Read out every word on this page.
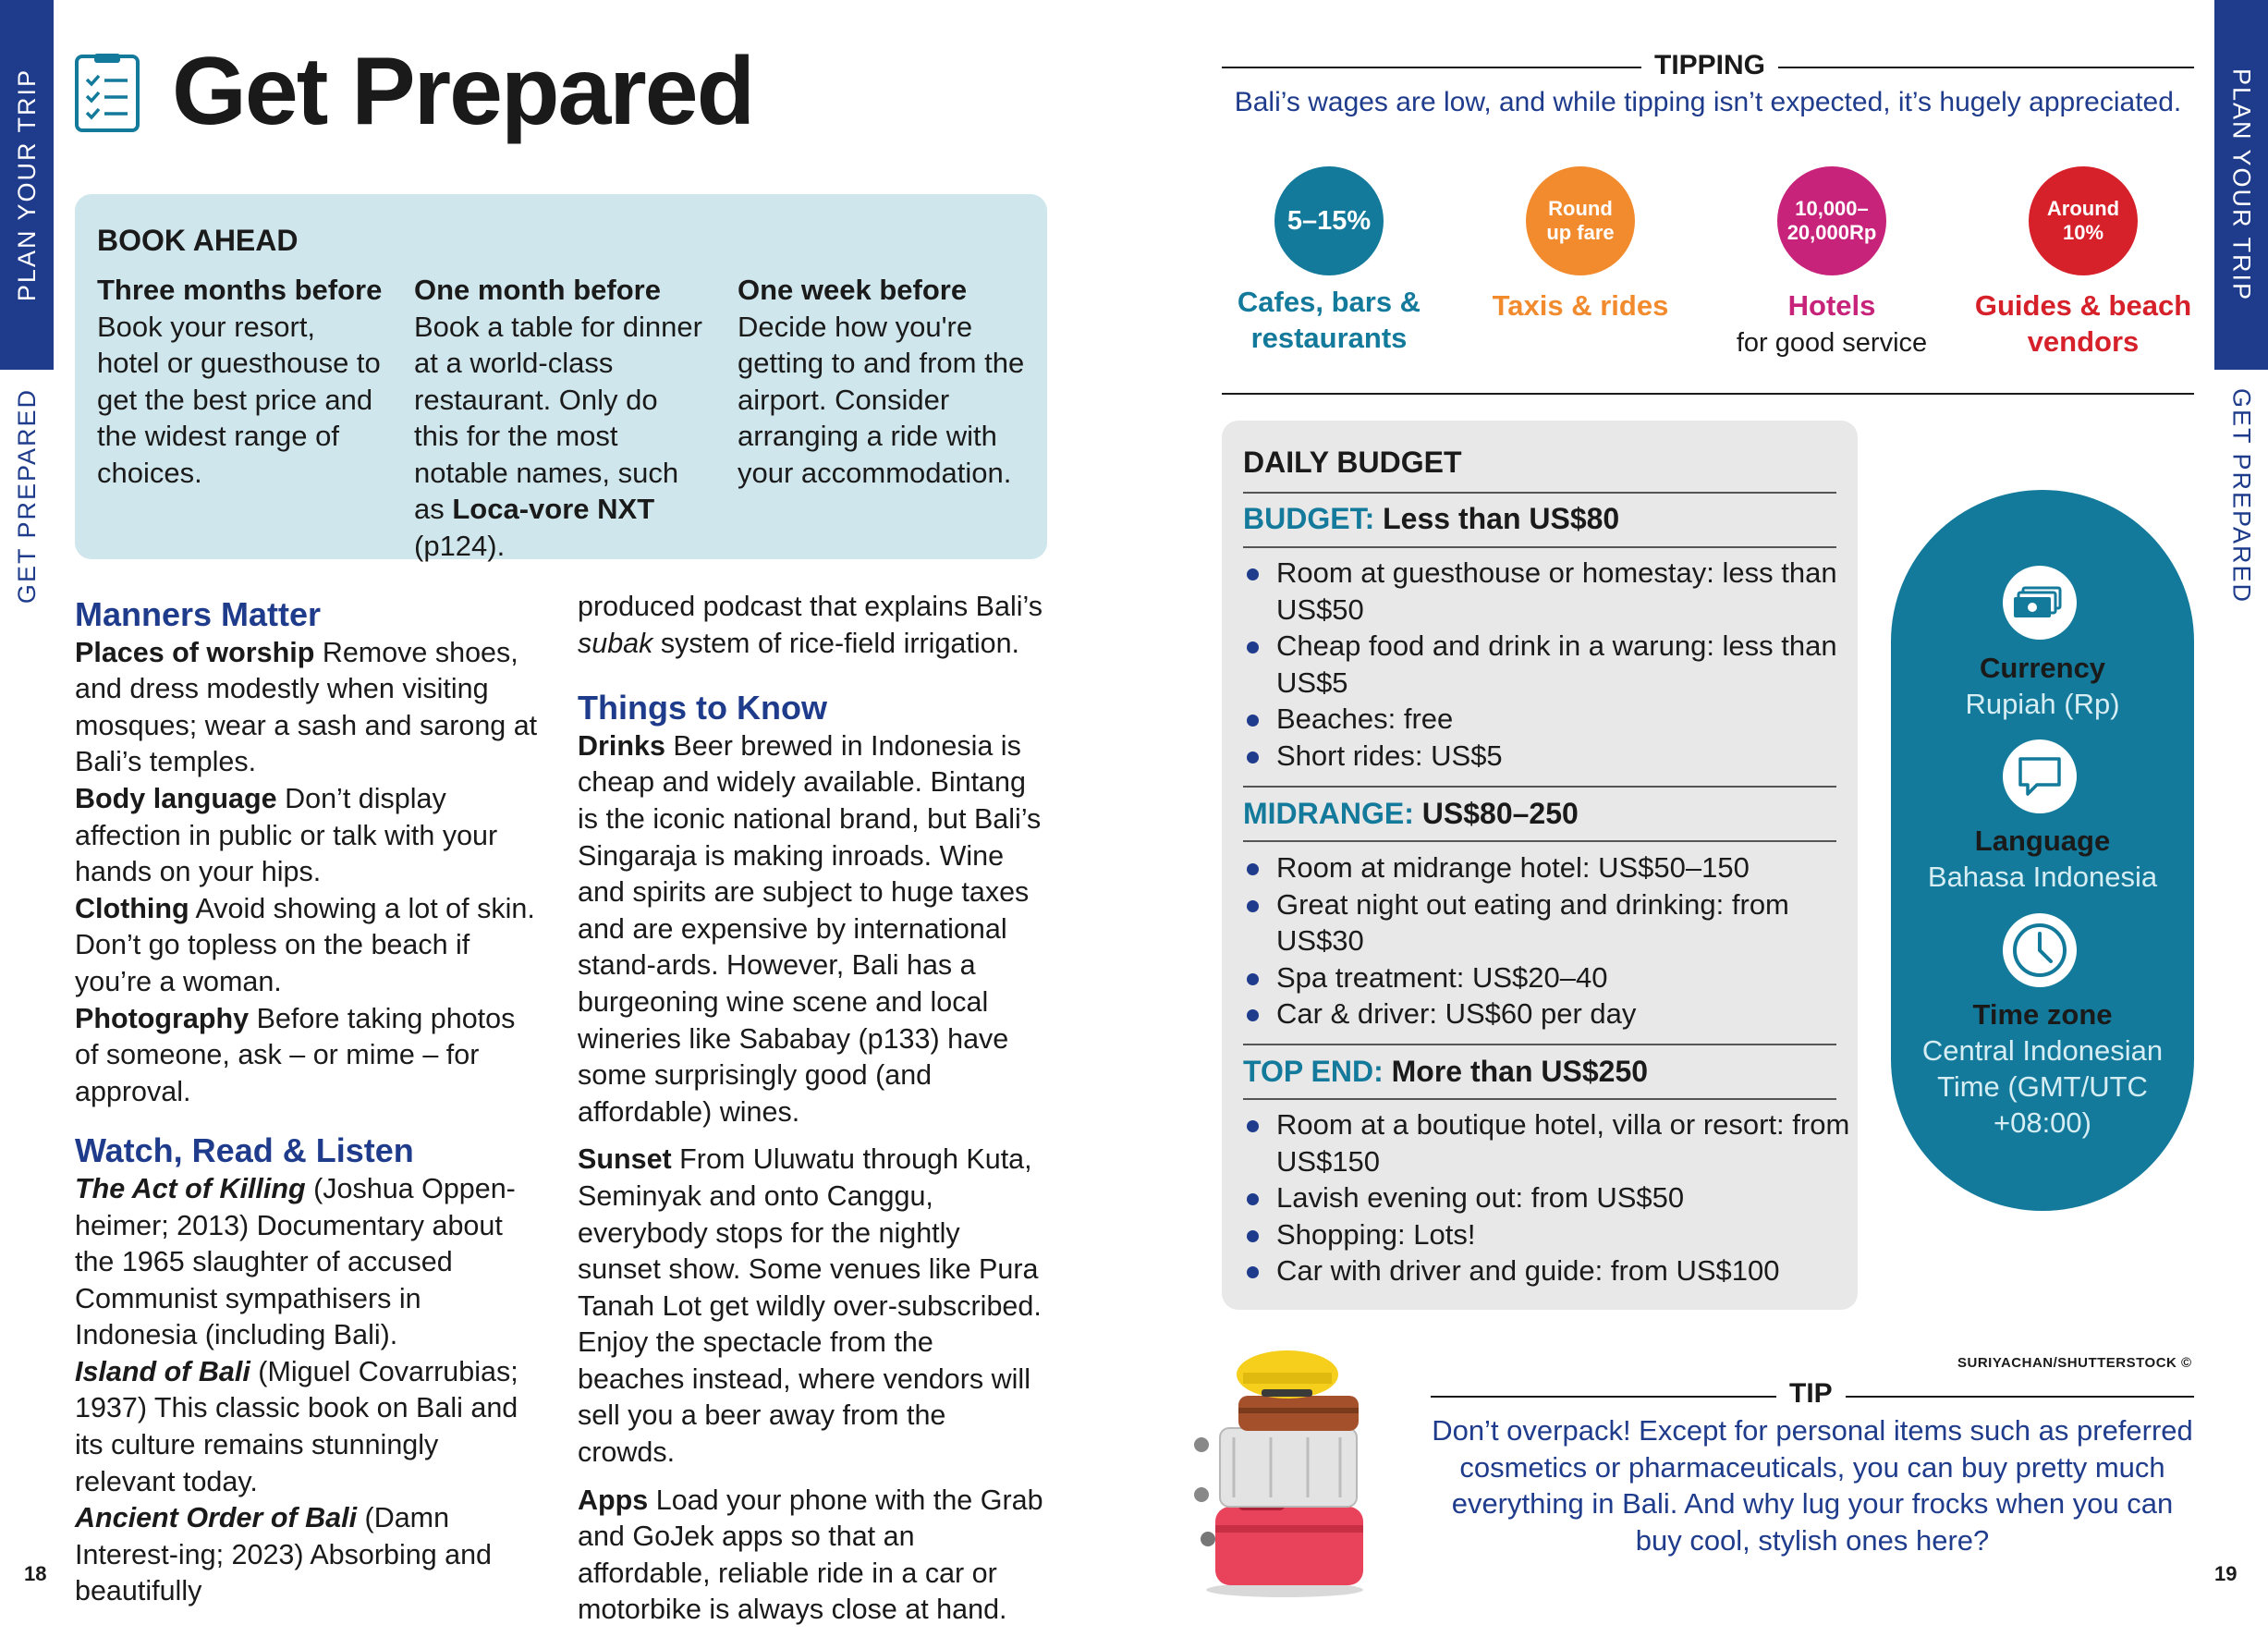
PLAN YOUR TRIP
GET PREPARED
PLAN YOUR TRIP
GET PREPARED
Get Prepared
BOOK AHEAD
Three months before
Book your resort, hotel or guesthouse to get the best price and the widest range of choices.
One month before
Book a table for dinner at a world-class restaurant. Only do this for the most notable names, such as Loca-vore NXT (p124).
One week before
Decide how you're getting to and from the airport. Consider arranging a ride with your accommodation.
Manners Matter

Places of worship Remove shoes, and dress modestly when visiting mosques; wear a sash and sarong at Bali’s temples.

Body language Don’t display affection in public or talk with your hands on your hips.

Clothing Avoid showing a lot of skin. Don’t go topless on the beach if you’re a woman.

Photography Before taking photos of someone, ask – or mime – for approval.

Watch, Read & Listen

The Act of Killing (Joshua Oppen-heimer; 2013) Documentary about the 1965 slaughter of accused Communist sympathisers in Indonesia (including Bali).

Island of Bali (Miguel Covarrubias; 1937) This classic book on Bali and its culture remains stunningly relevant today.

Ancient Order of Bali (Damn Interest-ing; 2023) Absorbing and beautifully

produced podcast that explains Bali’s subak system of rice-field irrigation.

Things to Know

Drinks Beer brewed in Indonesia is cheap and widely available. Bintang is the iconic national brand, but Bali’s Singaraja is making inroads. Wine and spirits are subject to huge taxes and are expensive by international stand-ards. However, Bali has a burgeoning wine scene and local wineries like Sababay (p133) have some surprisingly good (and affordable) wines.

Sunset From Uluwatu through Kuta, Seminyak and onto Canggu, everybody stops for the nightly sunset show. Some venues like Pura Tanah Lot get wildly over-subscribed. Enjoy the spectacle from the beaches instead, where vendors will sell you a beer away from the crowds.

Apps Load your phone with the Grab and GoJek apps so that an affordable, reliable ride in a car or motorbike is always close at hand.

18
TIPPING
Bali’s wages are low, and while tipping isn’t expected, it’s hugely appreciated.
5–15%	Round up fare
10,000–20,000Rp
Around 10%
Cafes, bars & restaurants
Taxis & rides	Hotels
for good service
Guides & beach vendors
DAILY BUDGET
BUDGET: Less than US$80
Room at guesthouse or homestay: less than US$50
Cheap food and drink in a warung: less than US$5
Beaches: free
Short rides: US$5
MIDRANGE: US$80–250
Room at midrange hotel: US$50–150
Great night out eating and drinking: from US$30
Spa treatment: US$20–40
Car & driver: US$60 per day
TOP END: More than US$250
Room at a boutique hotel, villa or resort: from US$150
Lavish evening out: from US$50
Shopping: Lots!
Car with driver and guide: from US$100
Currency
Rupiah (Rp)
Language
Bahasa Indonesia
Time zone
Central Indonesian Time (GMT/UTC +08:00)
SURIYACHAN/SHUTTERSTOCK ©
TIP
Don’t overpack! Except for personal items such as preferred cosmetics or pharmaceuticals, you can buy pretty much everything in Bali. And why lug your frocks when you can buy cool, stylish ones here?
19
